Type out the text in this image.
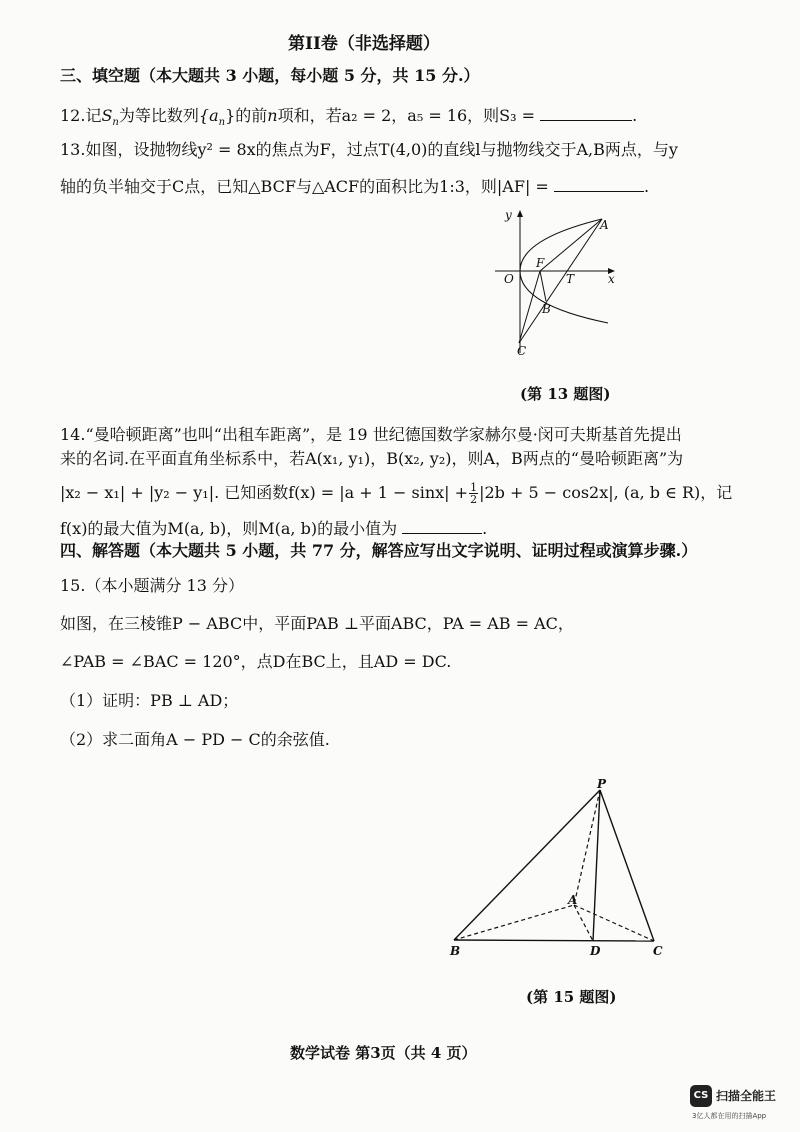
第II卷（非选择题）
三、填空题（本大题共 3 小题，每小题 5 分，共 15 分.）
12.记$S_n$为等比数列$\{a_n\}$的前n项和，若a₂ = 2，a₅ = 16，则S₃ =	.
13.如图，设抛物线y² = 8x的焦点为F，过点T(4,0)的直线l与抛物线交于A,B两点，与y
轴的负半轴交于C点，已知△BCF与△ACF的面积比为1:3，则|AF| =	.
y
x
O
F
T
A
B
C
(第 13 题图)
14.“曼哈顿距离”也叫“出租车距离”，是 19 世纪德国数学家赫尔曼·闵可夫斯基首先提出
来的名词.在平面直角坐标系中，若A(x₁, y₁)，B(x₂, y₂)，则A，B两点的“曼哈顿距离”为
|x₂ − x₁| + |y₂ − y₁|. 已知函数$f(x) = |a + 1 - \sin x| + \frac{1}{2} |2b + 5 - \cos 2x|$, (a, b ∈ R)，记
f(x)的最大值为M(a, b)，则M(a, b)的最小值为	.
四、解答题（本大题共 5 小题，共 77 分，解答应写出文字说明、证明过程或演算步骤.）
15.（本小题满分 13 分）
如图，在三棱锥P − ABC中，平面PAB ⊥平面ABC，PA = AB = AC，
∠PAB = ∠BAC = 120°，点D在BC上，且AD = DC.
（1）证明：PB ⊥ AD；
（2）求二面角A − PD − C的余弦值.
P
A
B	D	C
(第 15 题图)
数学试卷 第3页（共 4 页）
CS 扫描全能王
3亿人都在用的扫描App
